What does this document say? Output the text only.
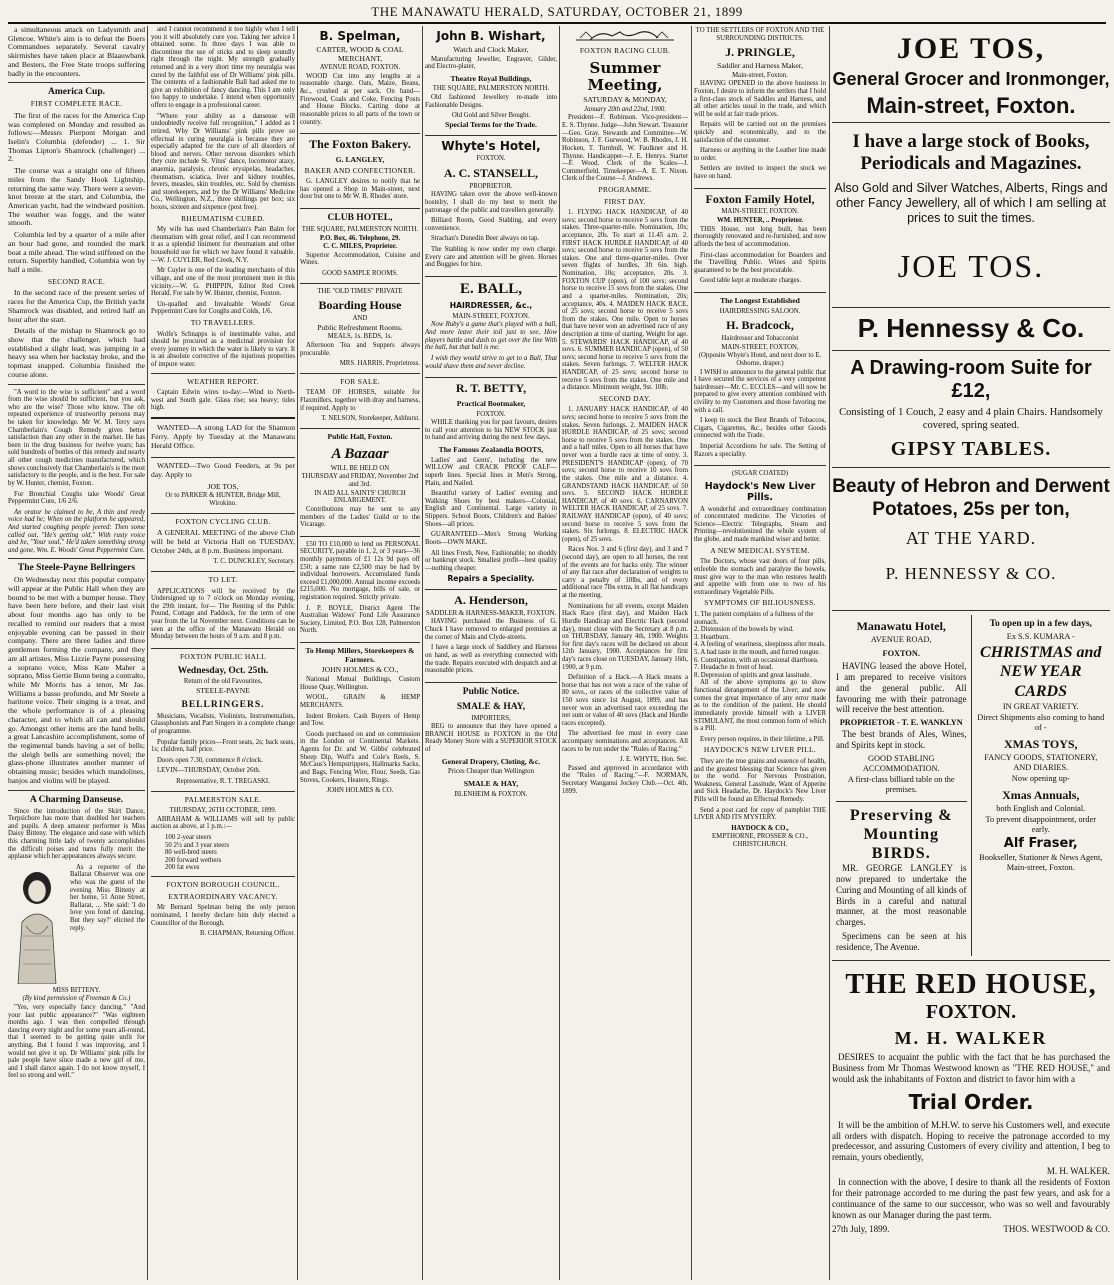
THE MANAWATU HERALD, SATURDAY, OCTOBER 21, 1899

a simultaneous attack on Ladysmith and Glencoe. White's aim is to defeat the Boers Commandoes separately. Several cavalry skirmishes have taken place at Blaauwbank and Besters, the Free State troops suffering badly in the encounters.

America Cup.
FIRST COMPLETE RACE.

The first of the races for the America Cup was completed on Monday and resulted as follows:—Messrs Pierpont Morgan and Iselin's Columbia (defender) ... 1. Sir Thomas Lipton's Shamrock (challenger) ... 2.

The course was a straight one of fifteen miles from the Sandy Hook Lightship, returning the same way. There were a seven-knot breeze at the start, and Columbia, the American yacht, had the windward position. The weather was foggy, and the water smooth.

Columbia led by a quarter of a mile after an hour had gone, and rounded the mark boat a mile ahead. The wind stiffened on the return. Superbly handled, Columbia won by half a mile.

SECOND RACE.

In the second race of the present series of races for the America Cup, the British yacht Shamrock was disabled, and retired half an hour after the start.

Details of the mishap to Shamrock go to show that the challenger, which had established a slight lead, was jumping in a heavy sea when her backstay broke, and the topmast snapped. Columbia finished the course alone.

"A word to the wise is sufficient" and a word from the wise should be sufficient, but you ask, who are the wise? Those who know. The oft repeated experience of trustworthy persons may be taken for knowledge. Mr W. M. Terry says Chamberlain's Cough Remedy gives better satisfaction than any other in the market. He has been in the drug business for twelve years; has sold hundreds of bottles of this remedy and nearly all other cough medicines manufactured, which shows conclusively that Chamberlain's is the most satisfactory to the people, and is the best. For sale by W. Hunter, chemist, Foxton.

For Bronchial Coughs take Woods' Great Peppermint Cure, 1/6 2/6.

An orator he claimed to be, A thin and reedy voice had he; When on the platform he appeared, And started coughing people jeered: Then some called out, "He's getting old," With rusty voice and he, "Your soul," He'd taken something strong and gone, Wm. E. Woods' Great Peppermint Cure.

The Steele-Payne Bellringers

On Wednesday next this popular company will appear at the Public Hall when they are bound to be met with a bumper house. They have been here before, and their last visit about four months ago has only to be recalled to remind our readers that a most enjoyable evening can be passed in their company. There are three ladies and three gentlemen forming the company, and they are all artistes, Miss Lizzie Payne possessing a soprano voice, Miss Kate Maher a soprano, Miss Gertie Bunn being a contralto, while Mr Morris has a tenor, Mr Jas. Williams a basso profundo, and Mr Steele a baritone voice. Their singing is a treat, and the whole performance is of a pleasing character, and to which all can and should go. Amongst other items are the hand bells, a great Lancashire accomplishment, some of the regimental bands having a set of bells; the sleigh bells are something novel; the glass-phone illustrates another manner of obtaining music; besides which mandolines, banjos and violins will be played.

A Charming Danseuse.

Since the introduction of the Skirt Dance, Terpsichore has more than doubled her teachers and pupils. A deep amateur performer is Miss Daisy Bitteny. The elegance and ease with which this charming little lady of twenty accomplishes the difficult poises and turns fully merit the applause which her appearances always secure.

As a reporter of the Ballarat Observer was one who was the guest of the evening Miss Bitteny at her home, 51 Anne Street, Ballarat, ... She said: 'I do love you fond of dancing. But they say?' elicited the reply.

MISS BITTENY.
(By kind permission of Freeman & Co.)

"Yes, very especially fancy dancing." "And your last public appearance?" "Was eighteen months ago. I was then compelled through dancing every night and for some years all-round, that I seemed to be getting quite unfit for anything. But I found I was improving, and I would not give it up. Dr Williams' pink pills for pale people have since made a new girl of me, and I shall dance again. I do not know myself, I feel so strong and well."

and I cannot recommend it too highly when I tell you it will absolutely cure you. Taking her advice I obtained some. In three days I was able to discontinue the use of sticks and to sleep soundly right through the night. My strength gradually returned and in a very short time my neuralgia was cured by the faithful use of Dr Williams' pink pills. The contents of a fashionable Ball had asked me to give an exhibition of fancy dancing. This I am only too happy to undertake. I intend when opportunity offers to engage in a professional career.

"Where your ability as a danseuse will undoubtedly receive full recognition," I added as I retired. Why Dr Williams' pink pills prove so effectual in curing neuralgia is because they are especially adapted for the cure of all disorders of blood and nerves. Other nervous disorders which they cure include St. Vitus' dance, locomotor ataxy, anaemia, paralysis, chronic erysipelas, headaches, rheumatism, sciatica, liver and kidney troubles, fevers, measles, skin troubles, etc. Sold by chemists and storekeepers, and by the Dr Williams' Medicine Co., Wellington, N.Z., three shillings per box; six boxes, sixteen and sixpence (post free).

RHEUMATISM CURED.

My wife has used Chamberlain's Pain Balm for rheumatism with great relief, and I can recommend it as a splendid liniment for rheumatism and other household use for which we have found it valuable.—W. J. CUYLER, Red Creek, N.Y.

Mr Cuyler is one of the leading merchants of this village, and one of the most prominent men in this vicinity.—W. G. PHIPPIN, Editor Red Creek Herald. For sale by W. Hunter, chemist, Foxton.

Un-qualled and Invaluable Woods' Great Peppermint Cure for Coughs and Colds, 1/6.

TO TRAVELLERS.

Wolfe's Schnapps is of inestimable value, and should be procured as a medicinal provision for every journey in which the water is likely to vary. It is an absolute corrective of the injurious properties of impure water.

WEATHER REPORT.

Captain Edwin wires to-day:—Wind to North-west and South gale. Glass rise; sea heavy; tides high.

WANTED—A strong LAD for the Shannon Ferry. Apply by Tuesday at the Manawatu Herald Office.

WANTED—Two Good Feeders, at 9s per day. Apply to

JOE TOS,
Or to PARKER & HUNTER, Bridge Mill, Wirokino.
FOXTON CYCLING CLUB.

A GENERAL MEETING of the above Club will be held at Victoria Hall on TUESDAY, October 24th, at 8 p.m. Business important.

T. C. DUNCKLEY, Secretary.
TO LET.

APPLICATIONS will be received by the Undersigned up to 7 o'clock on Monday evening, the 29th instant, for— The Renting of the Public Pound, Cottage and Paddock, for the term of one year from the 1st November next. Conditions can be seen at the office of the Manawatu Herald on Monday between the hours of 9 a.m. and 8 p.m.

FOXTON PUBLIC HALL
Wednesday, Oct. 25th.
Return of the old Favourites,
STEELE-PAYNE
BELLRINGERS.

Musicians, Vocalists, Violinists, Instrumentalists, Glassphonists and Part Singers in a complete change of programme.

Popular family prices—Front seats, 2s; back seats, 1s; children, half price.

Doors open 7.30, commence 8 o'clock.

LEVIN—THURSDAY, October 26th.

Representative, R. T. TREGASKI.
PALMERSTON SALE.
THURSDAY, 26TH OCTOBER, 1899.

ABRAHAM & WILLIAMS will sell by public auction as above, at 1 p.m.:—

100 2-year steers
50 2½ and 3 year steers
80 well-bred steers
200 forward wethers
200 fat ewes
FOXTON BOROUGH COUNCIL.
EXTRAORDINARY VACANCY.

Mr Bernard Spelman being the only person nominated, I hereby declare him duly elected a Councillor of the Borough.

B. CHAPMAN, Returning Officer.
B. Spelman,
CARTER, WOOD & COAL MERCHANT,
AVENUE ROAD, FOXTON.

WOOD Cut into any lengths at a reasonable charge. Oats, Maize, Beans, &c., crushed at per sack. On hand—Firewood, Coals and Coke, Fencing Posts and House Blocks. Carting done at reasonable prices to all parts of the town or country.

The Foxton Bakery.
G. LANGLEY,
BAKER AND CONFECTIONER.

G. LANGLEY desires to notify that he has opened a Shop in Main-street, next door but one to Mr W. B. Rhodes' store.

CLUB HOTEL,
THE SQUARE, PALMERSTON NORTH.
P.O. Box, 46. Telephone, 29.
C. C. MILES, Proprietor.

Superior Accommodation, Cuisine and Wines.

GOOD SAMPLE ROOMS.
THE "OLD TIMES" PRIVATE
Boarding House
AND
Public Refreshment Rooms.
MEALS, 1s. BEDS, 1s.

Afternoon Tea and Suppers always procurable.

MRS. HARRIS, Proprietress.
FOR SALE.

TEAM OF HORSES, suitable for Flaxmillers, together with dray and harness, if required. Apply to

T. NELSON, Storekeeper, Ashhurst.
Public Hall, Foxton.
A Bazaar
WILL BE HELD ON
THURSDAY and FRIDAY, November 2nd and 3rd.
IN AID ALL SAINTS' CHURCH ENLARGEMENT.

Contributions may be sent to any members of the Ladies' Guild or to the Vicarage.

£50 TO £10,000 to lend on PERSONAL SECURITY, payable in 1, 2, or 3 years—36 monthly payments of £1 12s 9d pays off £50; a same rate £2,500 may be had by individual borrowers. Accumulated funds exceed £1,000,000. Annual income exceeds £215,000. No mortgage, bills of sale, or registration required. Strictly private.

J. P. BOYLE, District Agent The Australian Widows' Fund Life Assurance Society, Limited, P.O. Box 128, Palmerston North.

To Hemp Millers, Storekeepers & Farmers.
JOHN HOLMES & CO.,

National Mutual Buildings, Custom House Quay, Wellington.

WOOL, GRAIN & HEMP MERCHANTS.

Indent Brokers. Cash Buyers of Hemp and Tow.

Goods purchased on and on commission in the London or Continental Markets. Agents for Dr. and W. Gibbs' celebrated Sheep Dip, Wolf's and Cole's Reels, S. McCaus's Hempstrippers, Hallmarks Sacks, and Bags, Fencing Wire, Flour, Seeds, Gas Stoves, Cookers, Heaters, Rings.

JOHN HOLMES & CO.
John B. Wishart,
Watch and Clock Maker,

Manufacturing Jeweller, Engraver, Gilder, and Electro-plater,

Theatre Royal Buildings,
THE SQUARE, PALMERSTON NORTH.

Old fashioned Jewellery re-made into Fashionable Designs.

Old Gold and Silver Bought.
Special Terms for the Trade.
Whyte's Hotel,
FOXTON.
A. C. STANSELL,
PROPRIETOR.

HAVING taken over the above well-known hostelry, I shall do my best to merit the patronage of the public and travellers generally.

Billiard Room, Good Stabling, and every convenience.

Strachan's Dunedin Beer always on tap.

The Stabling is now under my own charge. Every care and attention will be given. Horses and Buggies for hire.

E. BALL,
HAIRDRESSER, &c.,
MAIN-STREET, FOXTON.

Now Ruby's a game that's played with a ball, And more leave their toil just to see, How players battle and dash to get over the line With the ball, but that ball is me.

I wish they would strive to get to a Ball, That would shave them and never decline.

R. T. BETTY,
Practical Bootmaker,
FOXTON.

WHILE thanking you for past favours, desires to call your attention to his NEW STOCK just to hand and arriving during the next few days.

The Famous Zealandia BOOTS,

Ladies' and Gents', including the new WILLOW and CRACK PROOF CALF—superb lines. Special lines in Men's Strong, Plain, and Nailed.

Beautiful variety of Ladies' evening and Walking Shoes by best makers—Colonial, English and Continental. Large variety in Slippers. School Boots, Children's and Babies' Shoes—all prices.

GUARANTEED—Men's Strong Working Boots—OWN MAKE.

All lines Fresh, New, Fashionable; no shoddy or bankrupt stock. Smallest profit—best quality—nothing cheaper.

Repairs a Speciality.
A. Henderson,
SADDLER & HARNESS-MAKER, FOXTON.

HAVING purchased the Business of G. Chuck I have removed to enlarged premises at the corner of Main and Clyde-streets.

I have a large stock of Saddlery and Harness on hand, as well as everything connected with the trade. Repairs executed with despatch and at reasonable prices.

Public Notice.
SMALE & HAY,
IMPORTERS,

BEG to announce that they have opened a BRANCH HOUSE in FOXTON in the Old Ready Money Store with a SUPERIOR STOCK of

General Drapery, Cloting, &c.
Prices Cheaper than Wellington
SMALE & HAY,
BLENHEIM & FOXTON.
FOXTON RACING CLUB.
Summer Meeting,
SATURDAY & MONDAY,
January 20th and 22nd, 1900.

President—F. Robinson. Vice-president—E. S. Thynne. Judge—John Stewart. Treasurer—Geo. Gray. Stewards and Committee—W. Robinson, J. F. Gurwood, W. B. Rhodes, J. H. Hocken, T. Turnbull, W. Faulkner and H. Thynne. Handicapper—J. E. Henrys. Starter—F. Wood. Clerk of the Scales—J. Commerfield. Timekeeper—A. E. T. Nixon. Clerk of the Course—J. Andrews.

PROGRAMME.
FIRST DAY.

1. FLYING HACK HANDICAP, of 40 sovs; second horse to receive 5 sovs from the stakes. Three-quarter-mile. Nomination, 10s; acceptance, 20s. To start at 11.45 a.m. 2. FIRST HACK HURDLE HANDICAP, of 40 sovs; second horse to receive 5 sovs from the stakes. One and three-quarter-miles. Over seven flights of hurdles, 3ft 6in. high. Nomination, 10s; acceptance, 20s. 3. FOXTON CUP (open), of 100 sovs; second horse to receive 15 sovs from the stakes. One and a quarter-miles. Nomination, 20s; acceptance, 40s. 4. MAIDEN HACK RACE, of 25 sovs; second horse to receive 5 sovs from the stakes. One mile. Open to horses that have never won an advertised race of any description at time of starting. Weight for age. 5. STEWARDS' HACK HANDICAP, of 40 sovs. 6. SUMMER HANDICAP (open), of 50 sovs; second horse to receive 5 sovs from the stakes. Seven furlongs. 7. WELTER HACK HANDICAP, of 25 sovs; second horse to receive 5 sovs from the stakes. One mile and a distance. Minimum weight, 9st. 10lb.

SECOND DAY.

1. JANUARY HACK HANDICAP, of 40 sovs; second horse to receive 5 sovs from the stakes. Seven furlongs. 2. MAIDEN HACK HURDLE HANDICAP, of 25 sovs; second horse to receive 5 sovs from the stakes. One and a half miles. Open to all horses that have never won a hurdle race at time of entry. 3. PRESIDENT'S HANDICAP (open), of 70 sovs; second horse to receive 10 sovs from the stakes. One mile and a distance. 4. GRANDSTAND HACK HANDICAP, of 50 sovs. 5. SECOND HACK HURDLE HANDICAP, of 40 sovs. 6. CARNARVON WELTER HACK HANDICAP, of 25 sovs. 7. RAILWAY HANDICAP (open), of 40 sovs; second horse to receive 5 sovs from the stakes. Six furlongs. 8. ELECTRIC HACK (open), of 25 sovs.

Races Nos. 3 and 6 (first day), and 3 and 7 (second day), are open to all horses, the rest of the events are for hacks only. The winner of any flat race after declaration of weights to carry a penalty of 10lbs, and of every additional race 7lbs extra, in all flat handicaps at the meeting.

Nominations for all events, except Maiden Hack Race (first day), and Maiden Hack Hurdle Handicap and Electric Hack (second day), must close with the Secretary at 8 p.m. on THURSDAY, January 4th, 1900. Weights for first day's races will be declared on about 12th January, 1900. Acceptances for first day's races close on TUESDAY, January 16th, 1900, at 9 p.m.

Definition of a Hack.—A Hack means a horse that has not won a race of the value of 80 sovs., or races of the collective value of 150 sovs since 1st August, 1899, and has never won an advertised race exceeding the net sum or value of 40 sovs (Hack and Hurdle races excepted).

The advertised fee must in every case accompany nominations and acceptances. All races to be run under the "Rules of Racing."

J. E. WHYTE, Hon. Sec.

Passed and approved in accordance with the "Rules of Racing."—F. NORMAN, Secretary Wanganui Jockey Club.—Oct. 4th, 1899.

TO THE SETTLERS OF FOXTON AND THE SURROUNDING DISTRICTS.
J. PRINGLE,
Saddler and Harness Maker,
Main-street, Foxton.

HAVING OPENED in the above business in Foxton, I desire to inform the settlers that I hold a first-class stock of Saddles and Harness, and all other articles usual in the trade, and which will be sold at fair trade prices.

Repairs will be carried out on the premises quickly and economically, and to the satisfaction of the customer.

Harness or anything in the Leather line made to order.

Settlers are invited to inspect the stock we have on hand.

Foxton Family Hotel,
MAIN-STREET, FOXTON.
WM. HUNTER, .. Proprietor.

THIS House, not long built, has been thoroughly renovated and re-furnished, and now affords the best of accommodation.

First-class accommodation for Boarders and the Travelling Public. Wines and Spirits guaranteed to be the best procurable.

Good table kept at moderate charges.

The Longest Established
HAIRDRESSING SALOON.
H. Bradcock,
Hairdresser and Tobacconist
MAIN-STREET, FOXTON,
(Opposite Whyte's Hotel, and next door to E. Osborne, draper.)

I WISH to announce to the general public that I have secured the services of a very competent hairdresser—Mr. C. ECCLES—and will now be prepared to give every attention combined with civility to my Customers and those favoring me with a call.

I keep in stock the Best Brands of Tobaccos, Cigars, Cigarettes, &c., besides other Goods connected with the Trade.

Imperial Accordions for sale. The Setting of Razors a speciality.

(SUGAR COATED)
Haydock's New Liver Pills.

A wonderful and extraordinary combination of concentrated medicine. The Victories of Science—Electric Telegraphs, Steam and Printing—revolutionized the whole system of the globe, and made mankind wiser and better.

A NEW MEDICAL SYSTEM.

The Doctors, whose vast doors of four pills, enfeeble the stomach and paralyze the bowels, must give way to the man who restores health and appetite with from one to two of his extraordinary Vegetable Pills.

SYMPTOMS OF BILIOUSNESS.
1. The patient complains of a fullness of the stomach.
2. Distension of the bowels by wind.
3. Heartburn.
4. A feeling of weariness, sleepiness after meals.
5. A bad taste in the mouth, and furred tongue.
6. Constipation, with an occasional diarrhoea.
7. Headache in front of head.
8. Depression of spirits and great lassitude.

All of the above symptoms go to show functional derangement of the Liver; and now comes the great importance of any error made as to the condition of the patient. He should immediately provide himself with a LIVER STIMULANT, the most common form of which is a Pill.

Every person requires, in their lifetime, a Pill.

HAYDOCK'S NEW LIVER PILL.

They are the true grains and essence of health, and the greatest blessing that Science has given to the world. For Nervous Prostration, Weakness, General Lassitude, Want of Appetite and Sick Headache, Dr. Haydock's New Liver Pills will be found an Effectual Remedy.

Send a post card for copy of pamphlet THE LIVER AND ITS MYSTERY.

HAYDOCK & CO.,
EMPTHORNE, PROSSER & CO., CHRISTCHURCH.
JOE TOS,
General Grocer and Ironmonger,
Main-street, Foxton.
I have a large stock of Books, Periodicals and Magazines.
Also Gold and Silver Watches, Alberts, Rings and other Fancy Jewellery, all of which I am selling at prices to suit the times.
JOE TOS.
P. Hennessy & Co.
A Drawing-room Suite for £12,
Consisting of 1 Couch, 2 easy and 4 plain Chairs. Handsomely covered, spring seated.
GIPSY TABLES.
Beauty of Hebron and Derwent Potatoes, 25s per ton,
AT THE YARD.
P. HENNESSY & CO.
Manawatu Hotel,
AVENUE ROAD,
FOXTON.

HAVING leased the above Hotel, I am prepared to receive visitors and the general public. All favouring me with their patronage will receive the best attention.

PROPRIETOR - T. E. WANKLYN

The best brands of Ales, Wines, and Spirits kept in stock.

GOOD STABLING ACCOMMODATION.
A first-class billiard table on the premises.
Preserving & Mounting BIRDS.

MR. GEORGE LANGLEY is now prepared to undertake the Curing and Mounting of all kinds of Birds in a careful and natural manner, at the most reasonable charges.

Specimens can be seen at his residence, The Avenue.

To open up in a few days,
Ex S.S. KUMARA -
CHRISTMAS and NEW YEAR CARDS
IN GREAT VARIETY.
Direct Shipments also coming to hand of -
XMAS TOYS,
FANCY GOODS, STATIONERY, AND DIARIES.
Now opening up-
Xmas Annuals,
both English and Colonial.
To prevent disappointment, order early.
Alf Fraser,
Bookseller, Stationer & News Agent, Main-street, Foxton.
THE RED HOUSE,
FOXTON.
M. H. WALKER

DESIRES to acquaint the public with the fact that he has purchased the Business from Mr Thomas Westwood known as "THE RED HOUSE," and would ask the inhabitants of Foxton and district to favor him with a

Trial Order.

It will be the ambition of M.H.W. to serve his Customers well, and execute all orders with dispatch. Hoping to receive the patronage accorded to my predecessor, and assuring Customers of every civility and attention, I beg to remain, yours obediently,

M. H. WALKER.

In connection with the above, I desire to thank all the residents of Foxton for their patronage accorded to me during the past few years, and ask for a continuance of the same to our successor, who was so well and favourably known as our Manager during the past term.

27th July, 1899.	THOS. WESTWOOD & CO.
